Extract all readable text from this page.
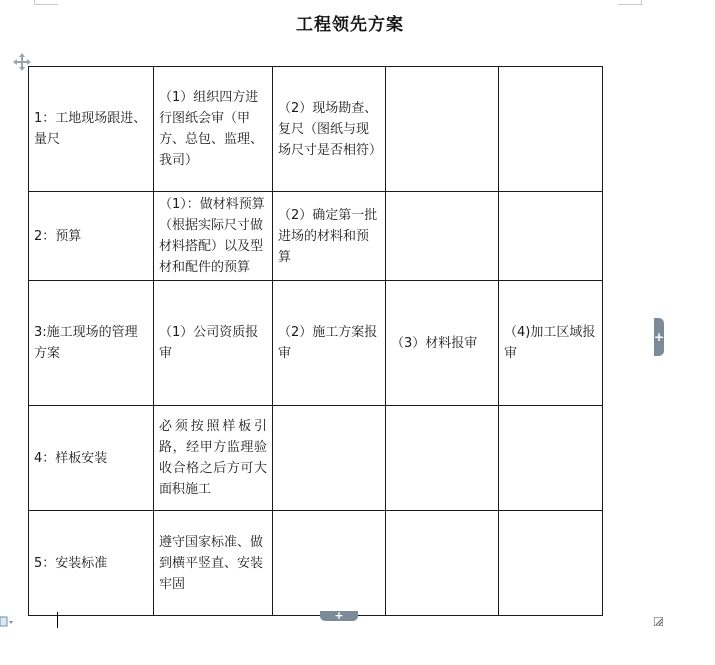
工程领先方案
1：工地现场跟进、量尺	（1）组织四方进行图纸会审（甲方、总包、监理、我司）	（2）现场勘查、复尺（图纸与现场尺寸是否相符）		
2：预算	（1）：做材料预算（根据实际尺寸做材料搭配）以及型材和配件的预算	（2）确定第一批进场的材料和预算		
3:施工现场的管理方案	（1）公司资质报审	（2）施工方案报审	（3）材料报审	（4)加工区域报审
4：样板安装	必须按照样板引路，经甲方监理验收合格之后方可大面积施工			
5：安装标准	遵守国家标准、做到横平竖直、安装牢固			
+
+
